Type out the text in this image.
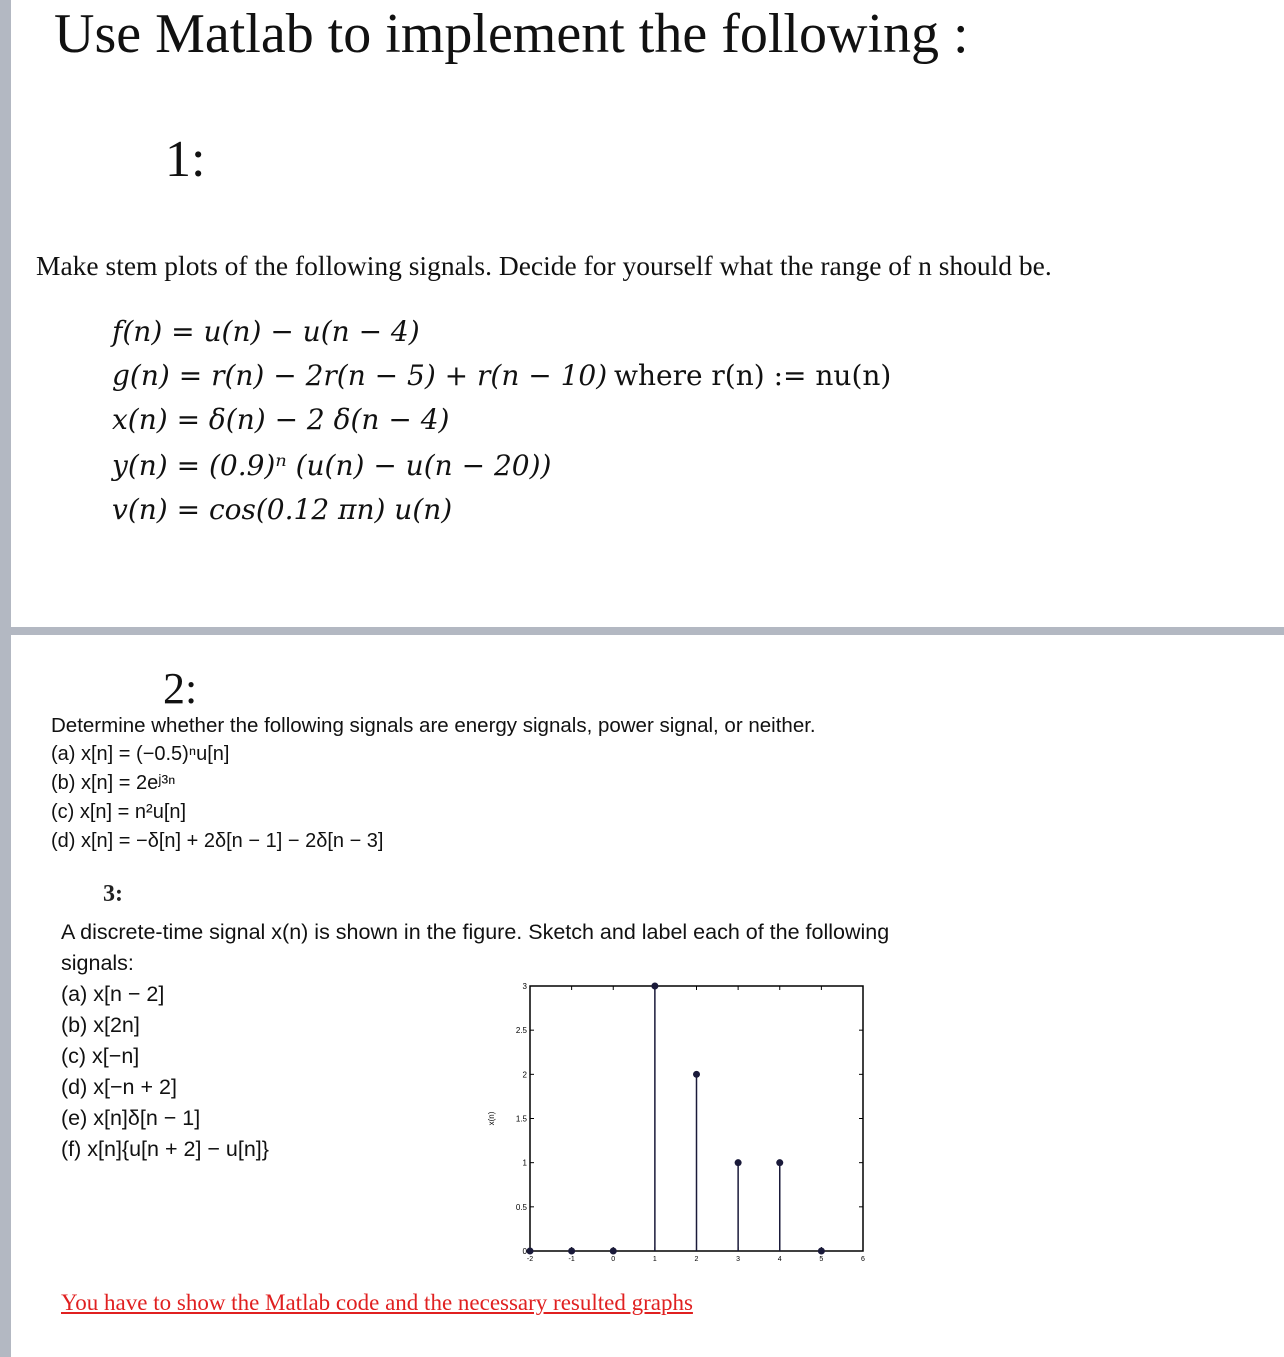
Use Matlab to implement the following :
1:
Make stem plots of the following signals. Decide for yourself what the range of n should be.
f(n) = u(n) − u(n − 4)
g(n) = r(n) − 2r(n − 5) + r(n − 10) where r(n) := nu(n)
x(n) = δ(n) − 2 δ(n − 4)
y(n) = (0.9)ⁿ (u(n) − u(n − 20))
v(n) = cos(0.12 πn) u(n)
2:
Determine whether the following signals are energy signals, power signal, or neither.
(a) x[n] = (−0.5)ⁿu[n]
(b) x[n] = 2eʲ³ⁿ
(c) x[n] = n²u[n]
(d) x[n] = −δ[n] + 2δ[n − 1] − 2δ[n − 3]
3:
A discrete-time signal x(n) is shown in the figure. Sketch and label each of the following signals:
(a) x[n − 2]
(b) x[2n]
(c) x[−n]
(d) x[−n + 2]
(e) x[n]δ[n − 1]
(f) x[n]{u[n + 2] − u[n]}
-2	-1	0	1	2	3	4	5	6
0
0.5
1
1.5
2
2.5
3
x(n)
You have to show the Matlab code and the necessary resulted graphs
